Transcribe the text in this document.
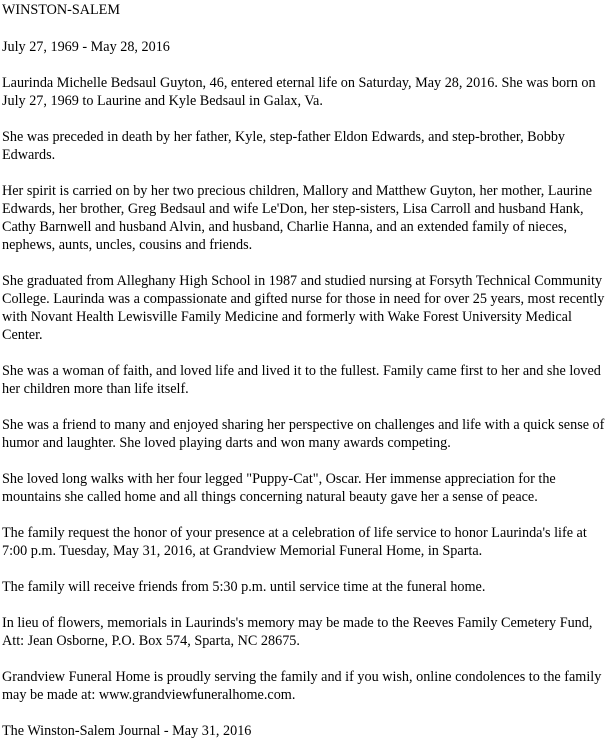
WINSTON-SALEM
July 27, 1969 - May 28, 2016
Laurinda Michelle Bedsaul Guyton, 46, entered eternal life on Saturday, May 28, 2016. She was born on July 27, 1969 to Laurine and Kyle Bedsaul in Galax, Va.
She was preceded in death by her father, Kyle, step-father Eldon Edwards, and step-brother, Bobby Edwards.
Her spirit is carried on by her two precious children, Mallory and Matthew Guyton, her mother, Laurine Edwards, her brother, Greg Bedsaul and wife Le'Don, her step-sisters, Lisa Carroll and husband Hank, Cathy Barnwell and husband Alvin, and husband, Charlie Hanna, and an extended family of nieces, nephews, aunts, uncles, cousins and friends.
She graduated from Alleghany High School in 1987 and studied nursing at Forsyth Technical Community College. Laurinda was a compassionate and gifted nurse for those in need for over 25 years, most recently with Novant Health Lewisville Family Medicine and formerly with Wake Forest University Medical Center.
She was a woman of faith, and loved life and lived it to the fullest. Family came first to her and she loved her children more than life itself.
She was a friend to many and enjoyed sharing her perspective on challenges and life with a quick sense of humor and laughter. She loved playing darts and won many awards competing.
She loved long walks with her four legged "Puppy-Cat", Oscar. Her immense appreciation for the mountains she called home and all things concerning natural beauty gave her a sense of peace.
The family request the honor of your presence at a celebration of life service to honor Laurinda's life at 7:00 p.m. Tuesday, May 31, 2016, at Grandview Memorial Funeral Home, in Sparta.
The family will receive friends from 5:30 p.m. until service time at the funeral home.
In lieu of flowers, memorials in Laurinds's memory may be made to the Reeves Family Cemetery Fund, Att: Jean Osborne, P.O. Box 574, Sparta, NC 28675.
Grandview Funeral Home is proudly serving the family and if you wish, online condolences to the family may be made at: www.grandviewfuneralhome.com.
The Winston-Salem Journal - May 31, 2016
